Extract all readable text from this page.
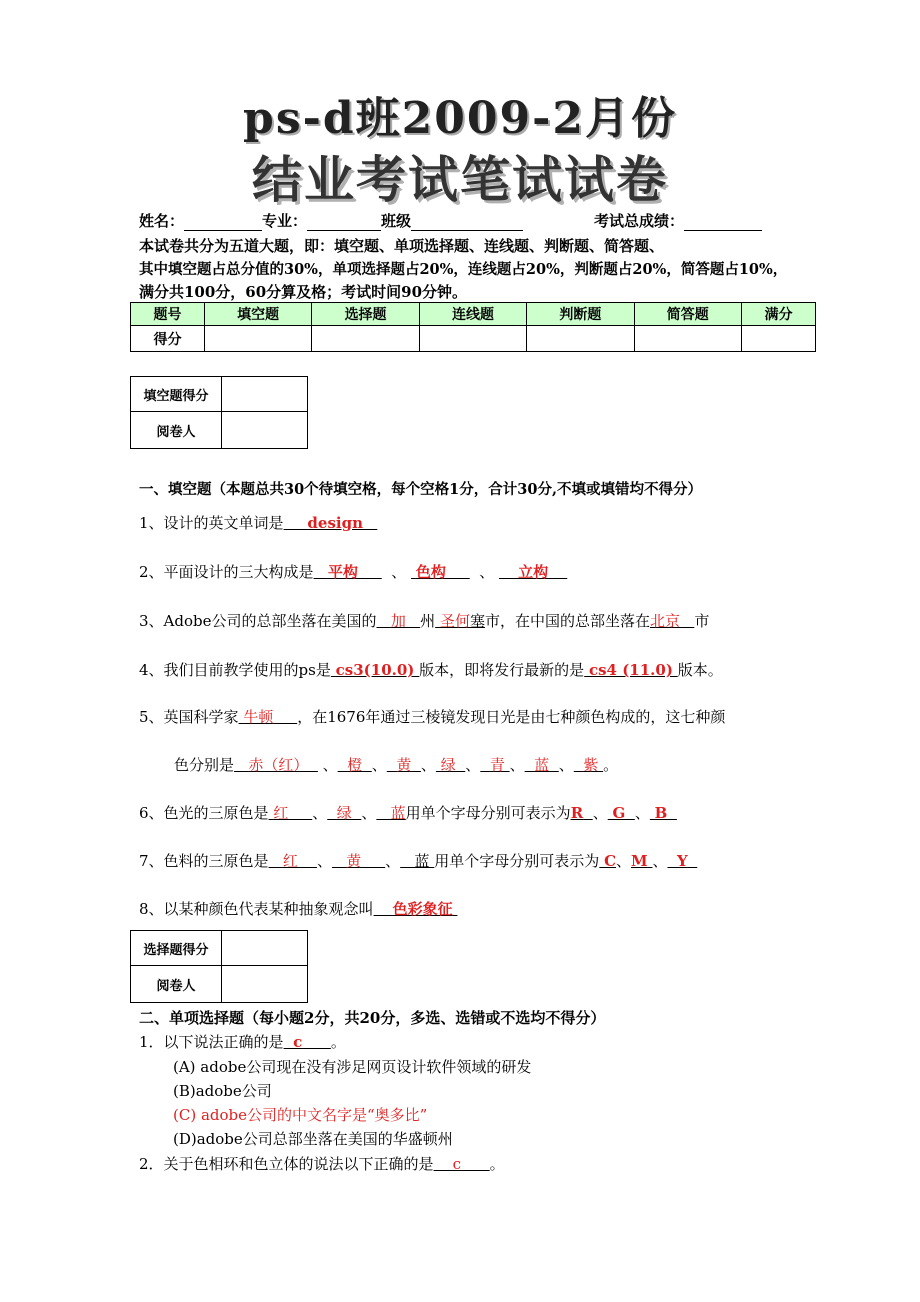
ps-d班2009-2月份
结业考试笔试试卷
姓名：	专业：	班级	考试总成绩：
本试卷共分为五道大题，即：填空题、单项选择题、连线题、判断题、简答题、
其中填空题占总分值的30%，单项选择题占20%，连线题占20%，判断题占20%，简答题占10%，
满分共100分，60分算及格；考试时间90分钟。
题号	填空题	选择题	连线题	判断题	简答题	满分
得分						
填空题得分	
阅卷人	
一、填空题（本题总共30个待填空格，每个空格1分，合计30分,不填或填错均不得分）
1、设计的英文单词是 design
2、平面设计的三大构成是 平构 、 色构 、 立构
3、Adobe公司的总部坐落在美国的 加 州 圣何塞市，在中国的总部坐落在北京 市
4、我们目前教学使用的ps是 cs3(10.0) 版本，即将发行最新的是 cs4 (11.0) 版本。
5、英国科学家 牛顿 ，在1676年通过三棱镜发现日光是由七种颜色构成的，这七种颜
色分别是 赤（红）   、 橙 、 黄 、 绿 、 青 、 蓝 、 紫 。
6、色光的三原色是 红 、 绿 、 蓝用单个字母分别可表示为R 、 G 、 B
7、色料的三原色是 红 、 黄 、 蓝 用单个字母分别可表示为 C、M 、 Y
8、以某种颜色代表某种抽象观念叫 色彩象征
选择题得分	
阅卷人	
二、单项选择题（每小题2分，共20分，多选、选错或不选均不得分）
1．以下说法正确的是 c 。
(A) adobe公司现在没有涉足网页设计软件领域的研发
(B)adobe公司
(C) adobe公司的中文名字是“奥多比”
(D)adobe公司总部坐落在美国的华盛顿州
2．关于色相环和色立体的说法以下正确的是 c 。
